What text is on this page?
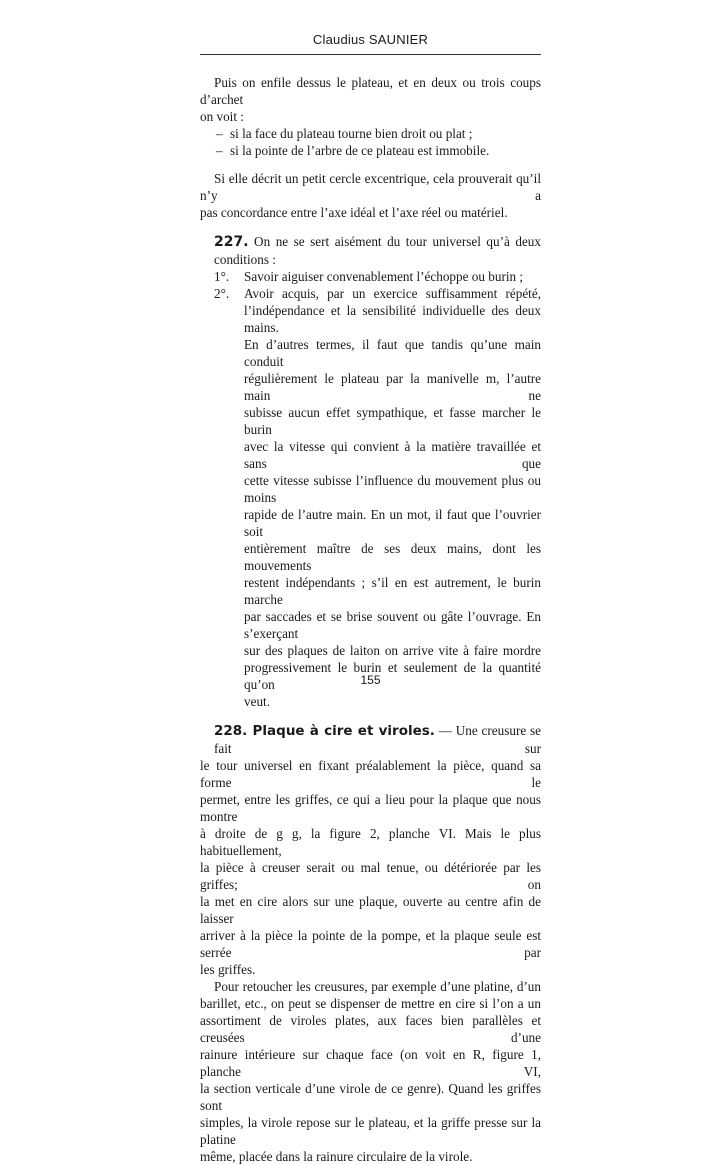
Claudius SAUNIER

Puis on enfile dessus le plateau, et en deux ou trois coups d’archet
on voit :

– si la face du plateau tourne bien droit ou plat ;
– si la pointe de l’arbre de ce plateau est immobile.

Si elle décrit un petit cercle excentrique, cela prouverait qu’il n’y a
pas concordance entre l’axe idéal et l’axe réel ou matériel.

227. On ne se sert aisément du tour universel qu’à deux conditions :

1°. Savoir aiguiser convenablement l’échoppe ou burin ;
2°. Avoir acquis, par un exercice suffisamment répété,
l’indépendance et la sensibilité individuelle des deux mains.
En d’autres termes, il faut que tandis qu’une main conduit
régulièrement le plateau par la manivelle m, l’autre main ne
subisse aucun effet sympathique, et fasse marcher le burin
avec la vitesse qui convient à la matière travaillée et sans que
cette vitesse subisse l’influence du mouvement plus ou moins
rapide de l’autre main. En un mot, il faut que l’ouvrier soit
entièrement maître de ses deux mains, dont les mouvements
restent indépendants ; s’il en est autrement, le burin marche
par saccades et se brise souvent ou gâte l’ouvrage. En s’exerçant
sur des plaques de laiton on arrive vite à faire mordre
progressivement le burin et seulement de la quantité qu’on
veut.

228. Plaque à cire et viroles. — Une creusure se fait sur
le tour universel en fixant préalablement la pièce, quand sa forme le
permet, entre les griffes, ce qui a lieu pour la plaque que nous montre
à droite de g g, la figure 2, planche VI. Mais le plus habituellement,
la pièce à creuser serait ou mal tenue, ou détériorée par les griffes; on
la met en cire alors sur une plaque, ouverte au centre afin de laisser
arriver à la pièce la pointe de la pompe, et la plaque seule est serrée par
les griffes.

Pour retoucher les creusures, par exemple d’une platine, d’un
barillet, etc., on peut se dispenser de mettre en cire si l’on a un
assortiment de viroles plates, aux faces bien parallèles et creusées d’une
rainure intérieure sur chaque face (on voit en R, figure 1, planche VI,
la section verticale d’une virole de ce genre). Quand les griffes sont
simples, la virole repose sur le plateau, et la griffe presse sur la platine
même, placée dans la rainure circulaire de la virole.

155
